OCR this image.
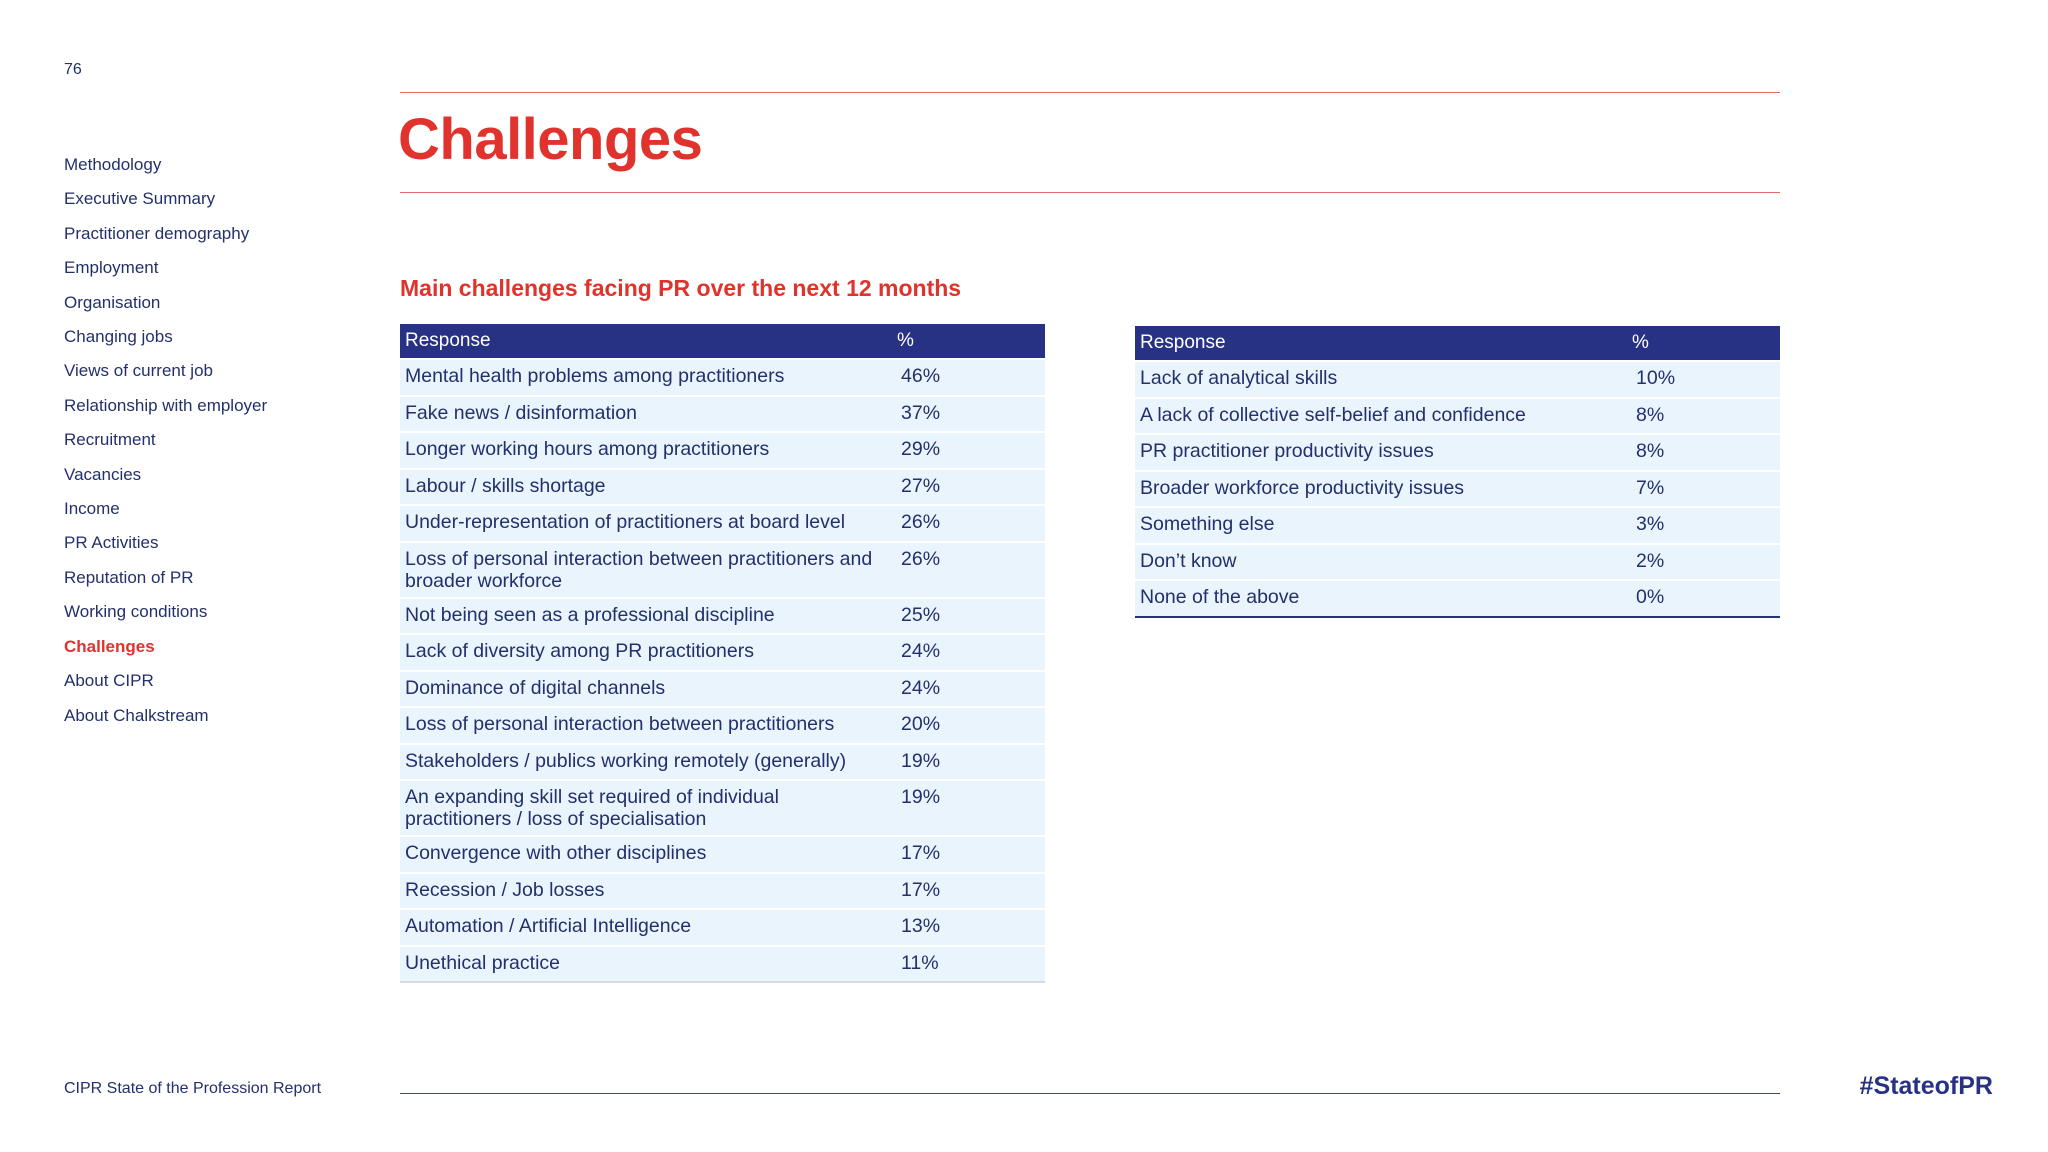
76
Methodology
Executive Summary
Practitioner demography
Employment
Organisation
Changing jobs
Views of current job
Relationship with employer
Recruitment
Vacancies
Income
PR Activities
Reputation of PR
Working conditions
Challenges
About CIPR
About Chalkstream
Challenges
Main challenges facing PR over the next 12 months
Response	%
Mental health problems among practitioners	46%
Fake news / disinformation	37%
Longer working hours among practitioners	29%
Labour / skills shortage	27%
Under-representation of practitioners at board level	26%
Loss of personal interaction between practitioners and broader workforce	26%
Not being seen as a professional discipline	25%
Lack of diversity among PR practitioners	24%
Dominance of digital channels	24%
Loss of personal interaction between practitioners	20%
Stakeholders / publics working remotely (generally)	19%
An expanding skill set required of individual practitioners / loss of specialisation	19%
Convergence with other disciplines	17%
Recession / Job losses	17%
Automation / Artificial Intelligence	13%
Unethical practice	11%
Response	%
Lack of analytical skills	10%
A lack of collective self-belief and confidence	8%
PR practitioner productivity issues	8%
Broader workforce productivity issues	7%
Something else	3%
Don’t know	2%
None of the above	0%
CIPR State of the Profession Report	#StateofPR
